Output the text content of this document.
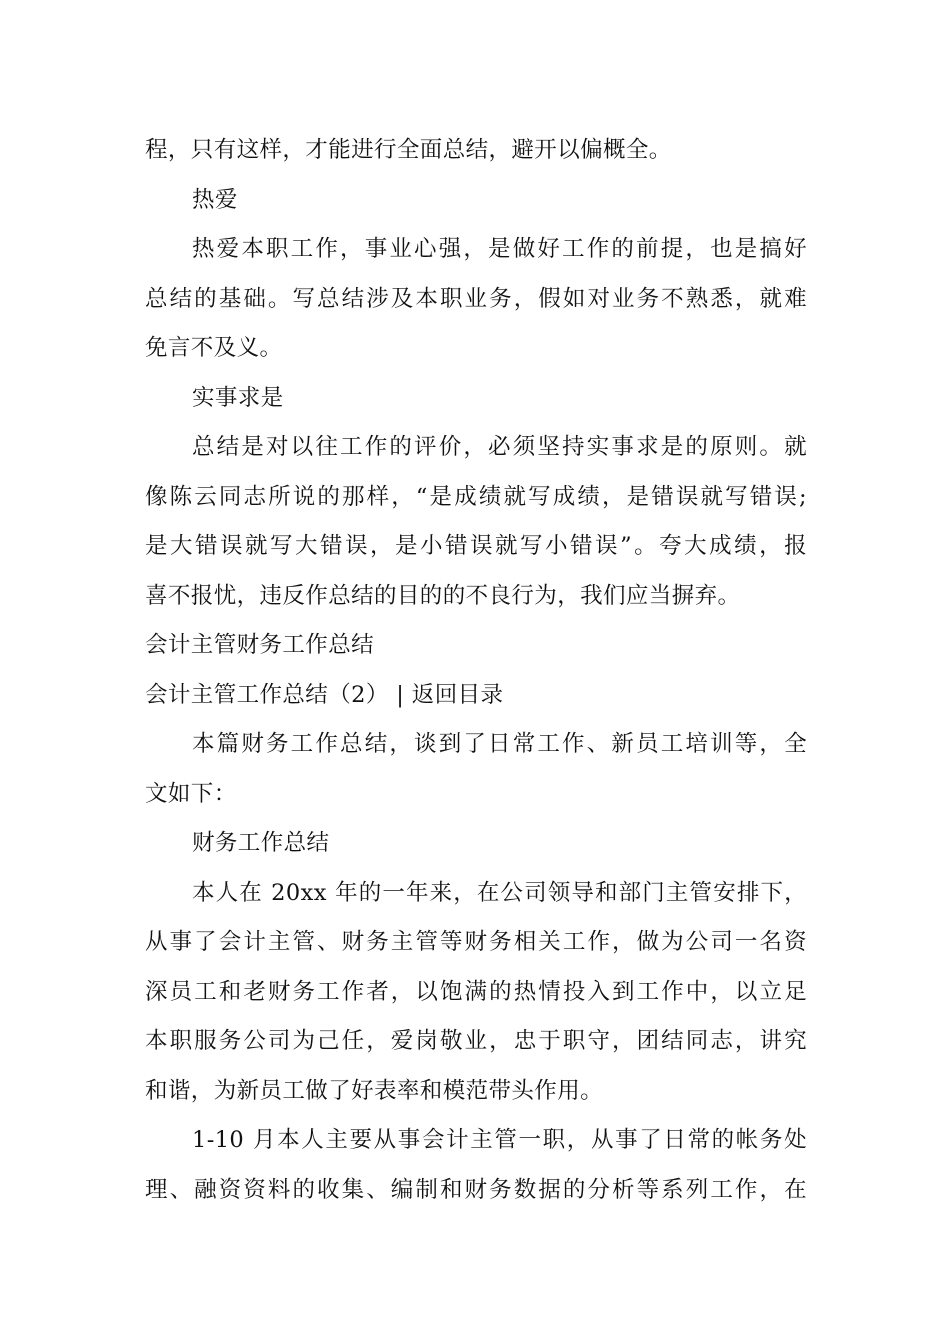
程，只有这样，才能进行全面总结，避开以偏概全。
热爱
热爱本职工作，事业心强，是做好工作的前提，也是搞好
总结的基础。写总结涉及本职业务，假如对业务不熟悉，就难
免言不及义。
实事求是
总结是对以往工作的评价，必须坚持实事求是的原则。就
像陈云同志所说的那样，“是成绩就写成绩，是错误就写错误;
是大错误就写大错误，是小错误就写小错误”。夸大成绩，报
喜不报忧，违反作总结的目的的不良行为，我们应当摒弃。
会计主管财务工作总结
会计主管工作总结（2） | 返回目录
本篇财务工作总结，谈到了日常工作、新员工培训等，全
文如下：
财务工作总结
本人在 20xx 年的一年来，在公司领导和部门主管安排下，
从事了会计主管、财务主管等财务相关工作，做为公司一名资
深员工和老财务工作者，以饱满的热情投入到工作中，以立足
本职服务公司为己任，爱岗敬业，忠于职守，团结同志，讲究
和谐，为新员工做了好表率和模范带头作用。
1-10 月本人主要从事会计主管一职，从事了日常的帐务处
理、融资资料的收集、编制和财务数据的分析等系列工作，在
